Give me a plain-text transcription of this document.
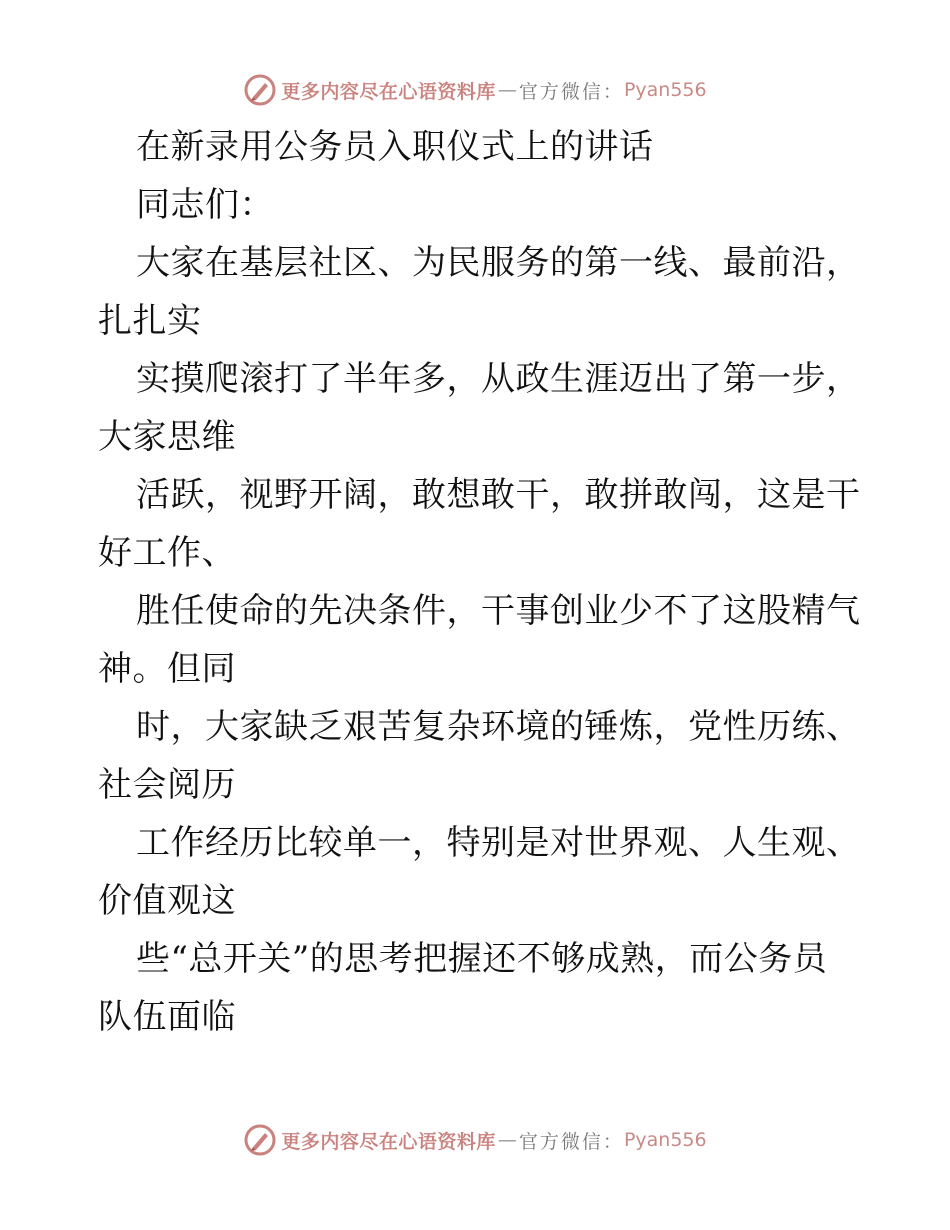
更多内容尽在心语资料库 — 官方微信： Pyan556
在新录用公务员入职仪式上的讲话
同志们：
大家在基层社区、为民服务的第一线、最前沿，
扎扎实
实摸爬滚打了半年多，从政生涯迈出了第一步，
大家思维
活跃，视野开阔，敢想敢干，敢拼敢闯，这是干
好工作、
胜任使命的先决条件，干事创业少不了这股精气
神。但同
时，大家缺乏艰苦复杂环境的锤炼，党性历练、
社会阅历
工作经历比较单一，特别是对世界观、人生观、
价值观这
些“总开关”的思考把握还不够成熟，而公务员
队伍面临
更多内容尽在心语资料库 — 官方微信： Pyan556
